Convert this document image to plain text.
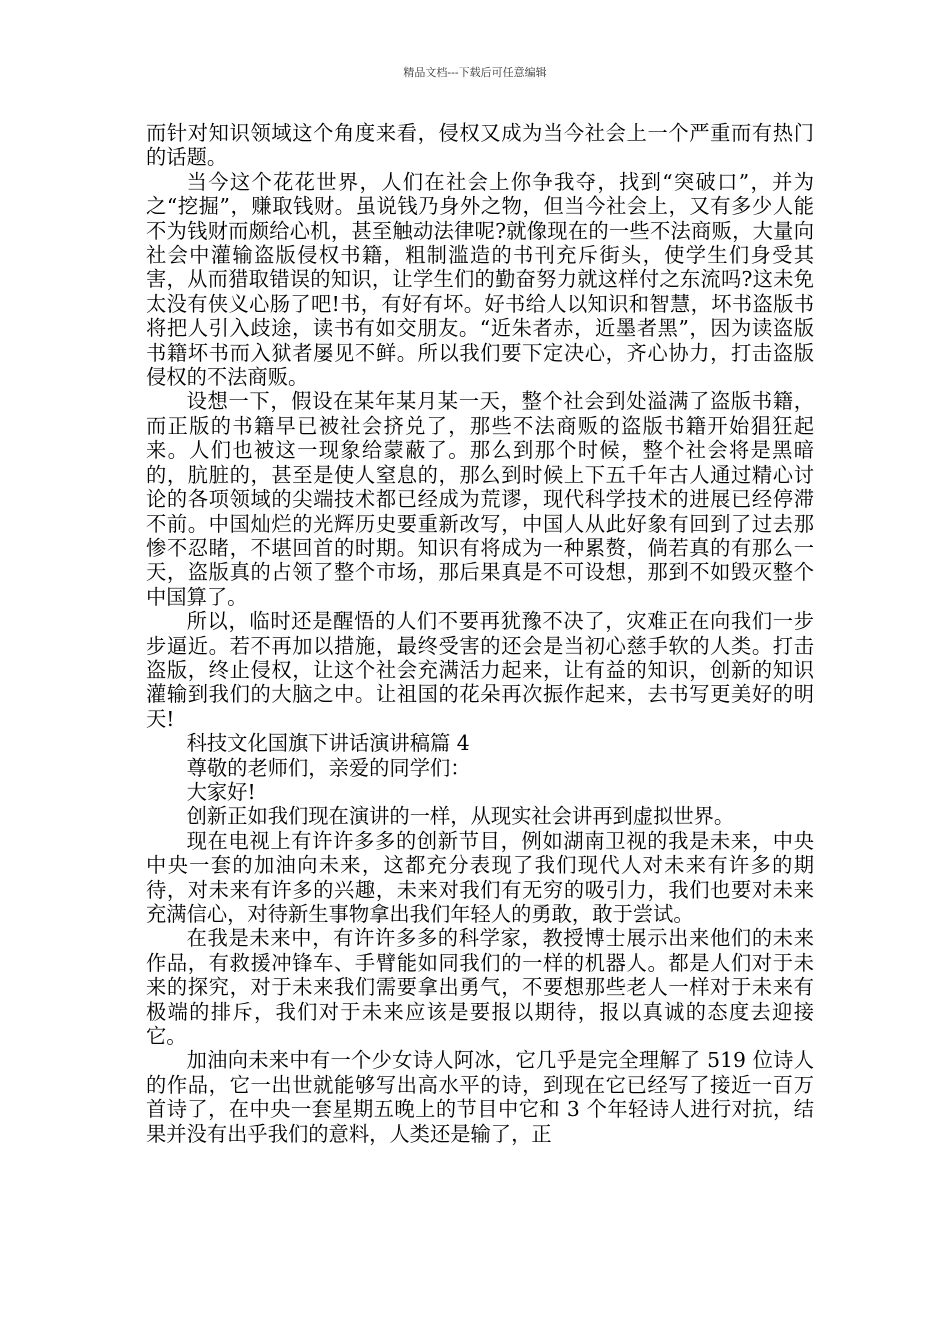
精品文档---下载后可任意编辑

而针对知识领域这个角度来看，侵权又成为当今社会上一个严重而有热门的话题。

当今这个花花世界，人们在社会上你争我夺，找到“突破口”，并为之“挖掘”，赚取钱财。虽说钱乃身外之物，但当今社会上，又有多少人能不为钱财而颇给心机，甚至触动法律呢?就像现在的一些不法商贩，大量向社会中灌输盗版侵权书籍，粗制滥造的书刊充斥街头，使学生们身受其害，从而猎取错误的知识，让学生们的勤奋努力就这样付之东流吗?这未免太没有侠义心肠了吧!书，有好有坏。好书给人以知识和智慧，坏书盗版书将把人引入歧途，读书有如交朋友。“近朱者赤，近墨者黑”，因为读盗版书籍坏书而入狱者屡见不鲜。所以我们要下定决心，齐心协力，打击盗版侵权的不法商贩。

设想一下，假设在某年某月某一天，整个社会到处溢满了盗版书籍，而正版的书籍早已被社会挤兑了，那些不法商贩的盗版书籍开始猖狂起来。人们也被这一现象给蒙蔽了。那么到那个时候，整个社会将是黑暗的，肮脏的，甚至是使人窒息的，那么到时候上下五千年古人通过精心讨论的各项领域的尖端技术都已经成为荒谬，现代科学技术的进展已经停滞不前。中国灿烂的光辉历史要重新改写，中国人从此好象有回到了过去那惨不忍睹，不堪回首的时期。知识有将成为一种累赘，倘若真的有那么一天，盗版真的占领了整个市场，那后果真是不可设想，那到不如毁灭整个中国算了。

所以，临时还是醒悟的人们不要再犹豫不决了，灾难正在向我们一步步逼近。若不再加以措施，最终受害的还会是当初心慈手软的人类。打击盗版，终止侵权，让这个社会充满活力起来，让有益的知识，创新的知识灌输到我们的大脑之中。让祖国的花朵再次振作起来，去书写更美好的明天!

科技文化国旗下讲话演讲稿篇 4

尊敬的老师们，亲爱的同学们：

大家好!

创新正如我们现在演讲的一样，从现实社会讲再到虚拟世界。

现在电视上有许许多多的创新节目，例如湖南卫视的我是未来，中央中央一套的加油向未来，这都充分表现了我们现代人对未来有许多的期待，对未来有许多的兴趣，未来对我们有无穷的吸引力，我们也要对未来充满信心，对待新生事物拿出我们年轻人的勇敢，敢于尝试。

在我是未来中，有许许多多的科学家，教授博士展示出来他们的未来作品，有救援冲锋车、手臂能如同我们的一样的机器人。都是人们对于未来的探究，对于未来我们需要拿出勇气，不要想那些老人一样对于未来有极端的排斥，我们对于未来应该是要报以期待，报以真诚的态度去迎接它。

加油向未来中有一个少女诗人阿冰，它几乎是完全理解了 519 位诗人的作品，它一出世就能够写出高水平的诗，到现在它已经写了接近一百万首诗了，在中央一套星期五晚上的节目中它和 3 个年轻诗人进行对抗，结果并没有出乎我们的意料，人类还是输了，正
